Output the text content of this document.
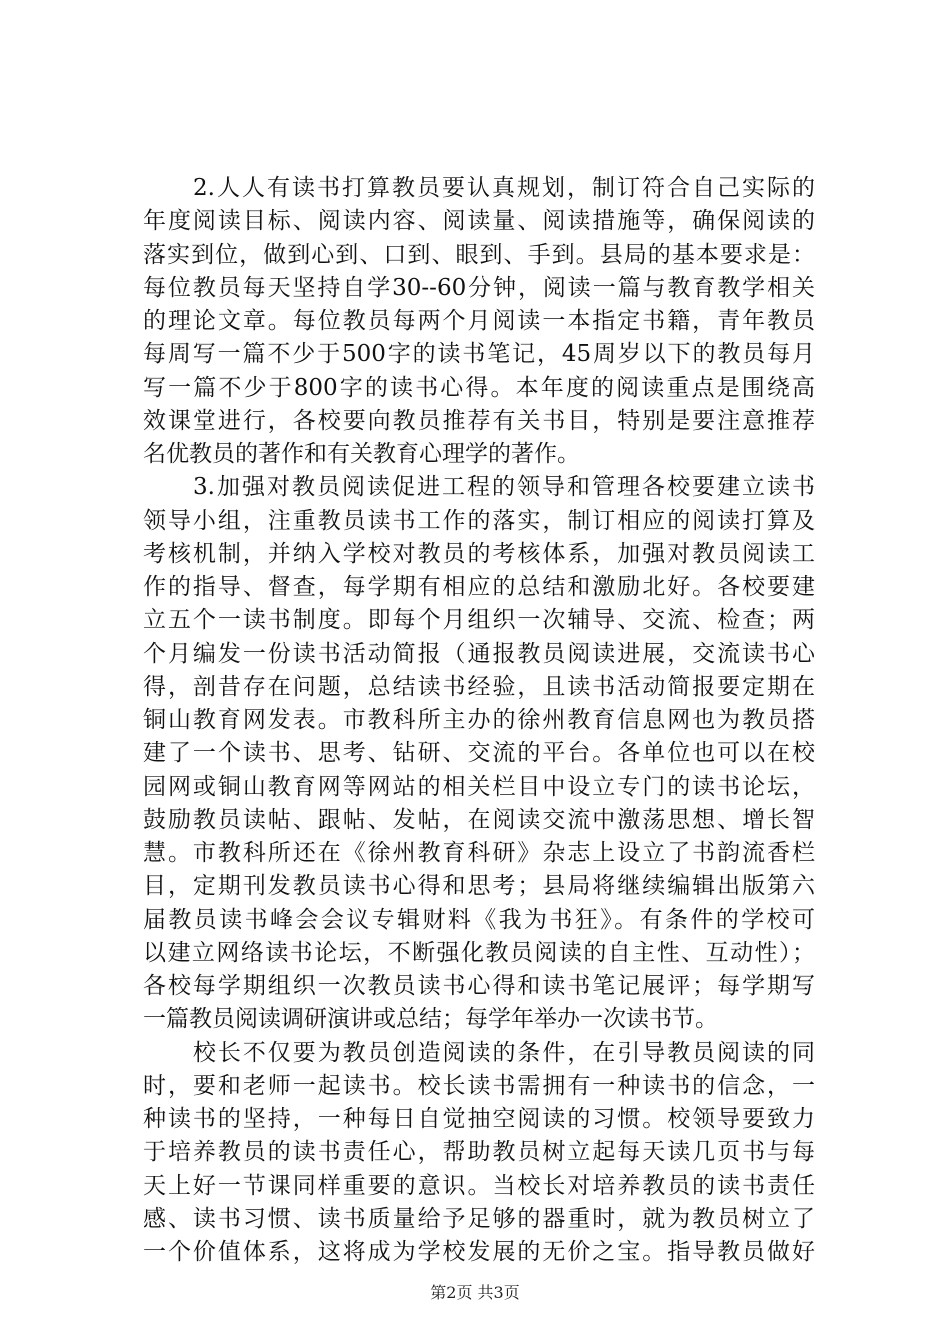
　　2.人人有读书打算教员要认真规划，制订符合自己实际的
年度阅读目标、阅读内容、阅读量、阅读措施等，确保阅读的
落实到位，做到心到、口到、眼到、手到。县局的基本要求是：
每位教员每天坚持自学30--60分钟，阅读一篇与教育教学相关
的理论文章。每位教员每两个月阅读一本指定书籍，青年教员
每周写一篇不少于500字的读书笔记，45周岁以下的教员每月
写一篇不少于800字的读书心得。本年度的阅读重点是围绕高
效课堂进行，各校要向教员推荐有关书目，特别是要注意推荐
名优教员的著作和有关教育心理学的著作。
　　3.加强对教员阅读促进工程的领导和管理各校要建立读书
领导小组，注重教员读书工作的落实，制订相应的阅读打算及
考核机制，并纳入学校对教员的考核体系，加强对教员阅读工
作的指导、督查，每学期有相应的总结和激励北好。各校要建
立五个一读书制度。即每个月组织一次辅导、交流、检查；两
个月编发一份读书活动简报（通报教员阅读进展，交流读书心
得，剖昔存在问题，总结读书经验，且读书活动简报要定期在
铜山教育网发表。市教科所主办的徐州教育信息网也为教员搭
建了一个读书、思考、钻研、交流的平台。各单位也可以在校
园网或铜山教育网等网站的相关栏目中设立专门的读书论坛，
鼓励教员读帖、跟帖、发帖，在阅读交流中激荡思想、增长智
慧。市教科所还在《徐州教育科研》杂志上设立了书韵流香栏
目，定期刊发教员读书心得和思考；县局将继续编辑出版第六
届教员读书峰会会议专辑财料《我为书狂》。有条件的学校可
以建立网络读书论坛，不断强化教员阅读的自主性、互动性）；
各校每学期组织一次教员读书心得和读书笔记展评；每学期写
一篇教员阅读调研演讲或总结；每学年举办一次读书节。
　　校长不仅要为教员创造阅读的条件，在引导教员阅读的同
时，要和老师一起读书。校长读书需拥有一种读书的信念，一
种读书的坚持，一种每日自觉抽空阅读的习惯。校领导要致力
于培养教员的读书责任心，帮助教员树立起每天读几页书与每
天上好一节课同样重要的意识。当校长对培养教员的读书责任
感、读书习惯、读书质量给予足够的器重时，就为教员树立了
一个价值体系，这将成为学校发展的无价之宝。指导教员做好
第2页 共3页
